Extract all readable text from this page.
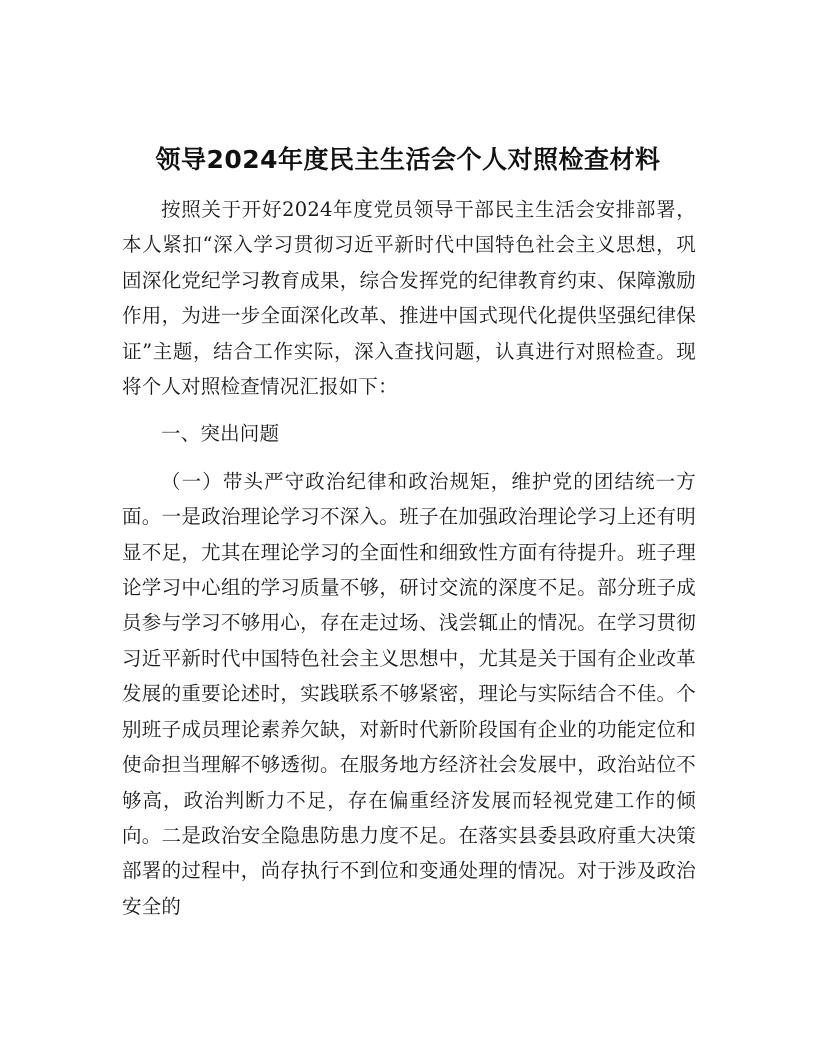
领导2024年度民主生活会个人对照检查材料

按照关于开好2024年度党员领导干部民主生活会安排部署，本人紧扣“深入学习贯彻习近平新时代中国特色社会主义思想，巩固深化党纪学习教育成果，综合发挥党的纪律教育约束、保障激励作用，为进一步全面深化改革、推进中国式现代化提供坚强纪律保证”主题，结合工作实际，深入查找问题，认真进行对照检查。现将个人对照检查情况汇报如下：

一、突出问题

（一）带头严守政治纪律和政治规矩，维护党的团结统一方面。一是政治理论学习不深入。班子在加强政治理论学习上还有明显不足，尤其在理论学习的全面性和细致性方面有待提升。班子理论学习中心组的学习质量不够，研讨交流的深度不足。部分班子成员参与学习不够用心，存在走过场、浅尝辄止的情况。在学习贯彻习近平新时代中国特色社会主义思想中，尤其是关于国有企业改革发展的重要论述时，实践联系不够紧密，理论与实际结合不佳。个别班子成员理论素养欠缺，对新时代新阶段国有企业的功能定位和使命担当理解不够透彻。在服务地方经济社会发展中，政治站位不够高，政治判断力不足，存在偏重经济发展而轻视党建工作的倾向。二是政治安全隐患防患力度不足。在落实县委县政府重大决策部署的过程中，尚存执行不到位和变通处理的情况。对于涉及政治安全的
